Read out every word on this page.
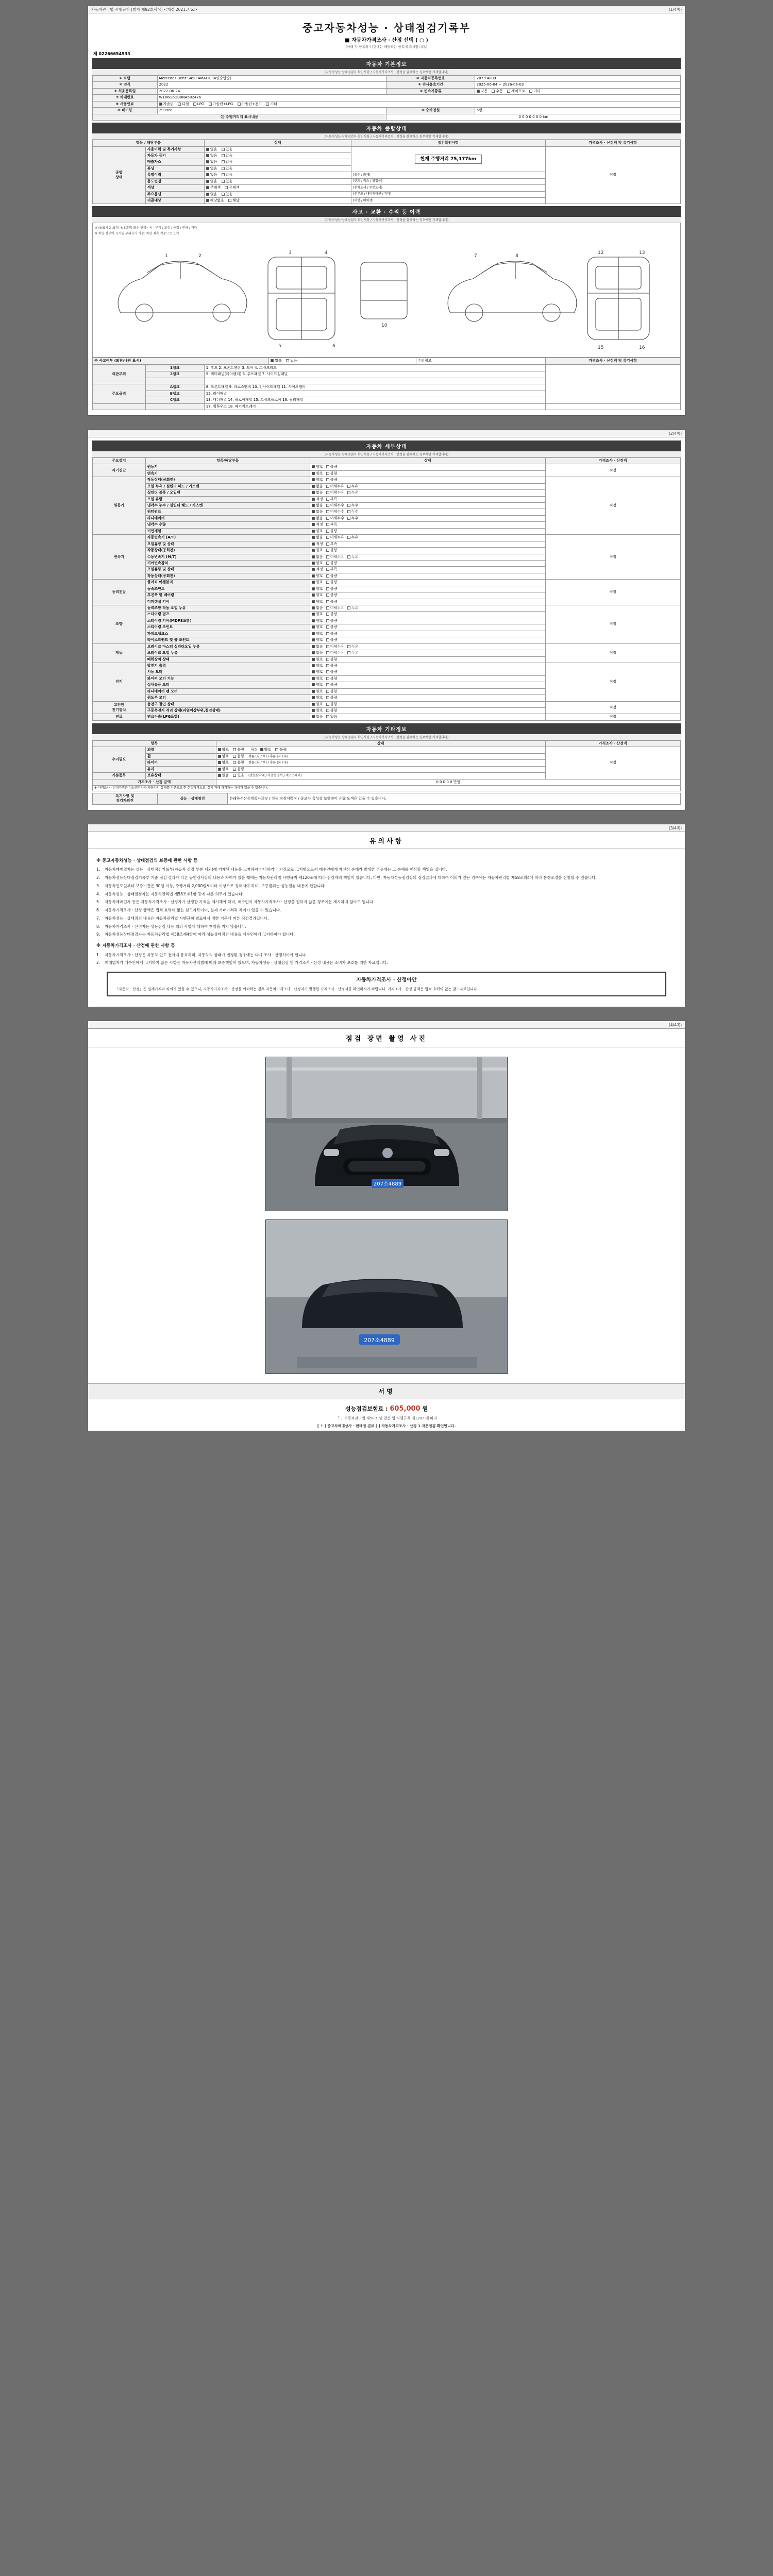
자동차관리법 시행규칙 [별지 제82호서식] <개정 2021.7.6.>	(1/4쪽)
중고자동차성능 · 상태점검기록부
■ 자동차가격조사 · 산정 선택 ( ○ )
(아래 각 항목의 ( )란에는 해당되는 항목에 표시합니다.)
제 02266654933
자동차 기본정보
(자동차성능·상태점검자 확인사항 / 자동차가격조사 · 산정을 함께하는 경우에만 기재합니다)
① 차명	Mercedes-Benz S450 4MATIC (4인승탑승)	② 자동차등록번호	207소4889
③ 연식	2022	④ 검사유효기간	2025-06-04 ~ 2026-06-03
⑤ 최초등록일	2022-06-24	⑥ 변속기종류	자동 수동 세미오토 기타
⑦ 차대번호	W1K6G6DB0NA582476		
⑧ 사용연료	가솔린 디젤 LPG 가솔린+LPG 가솔린+전기 기타		
⑨ 배기량	2999cc	⑩ 승차정원	5명
⑪ 주행거리계 표시내용		0 0 0 0 0 0 0 km	
자동차 종합상태
(자동차성능·상태점검자 확인사항 / 자동차가격조사 · 산정을 함께하는 경우에만 기재합니다)
항목 / 해당부품		상태	점검확인사항	가격조사 · 산정액 및 특기사항
종합
상태	사용이력 및 특기사항	없음 있음	현재 주행거리 75,177km	적정
	자동차 등기	없음 있음		
	배출가스	있음 없음		
	튜닝	없음 있음		
	특별이력	없음 있음	(침수 / 화재)	
	용도변경	없음 있음	(렌트 / 리스 / 영업용)	
	색상	무채색 유채색	(전체도색 / 부분도색)	
	주요옵션	없음 있음	(선루프 / 내비게이션 / 기타)	
	리콜대상	해당없음 해당	(이행 / 미이행)	
사고 · 교환 · 수리 등 이력
(자동차성능·상태점검자 확인사항 / 자동차가격조사 · 산정을 함께하는 경우에만 기재합니다)
※ (※표시 X 표기) ※ (교환) 또는 판금 · 녹 · 부식 / 교정 / 용접 / 판금 / 기타
※ 차량 상태에 표시된 부위표기 기준: 차량 좌측 기준으로 표기
1	2
3	4
5	6
10
7	8
12	13
15	16
※ 사고여부 (외판/내판 표시)	없음 있음	수리필요	가격조사 · 산정액 및 특기사항
외판부위	1랭크	1. 후드 2. 프론트펜더 3. 도어 4. 트렁크리드	
	2랭크	5. 쿼터패널(리어펜더) 6. 루프패널 7. 사이드실패널	

주요골격	A랭크	8. 프론트패널 9. 크로스멤버 10. 인사이드패널 11. 사이드멤버	
	B랭크	12. 리어패널	
	C랭크	13. 대쉬패널 14. 플로어패널 15. 트렁크플로어 16. 필러패널	
		17. 휠하우스 18. 패키지트레이	

(2/4쪽)
자동차 세부상태
(자동차성능·상태점검자 확인사항 / 자동차가격조사 · 산정을 함께하는 경우에만 기재합니다)
주요장치	항목/해당부품	상태	가격조사 · 산정액
자기진단	원동기	양호 불량	적정
	변속기	양호 불량	
원동기	작동상태(공회전)	양호 불량	적정
	오일 누유 / 실린더 헤드 / 가스켓	없음 미세누유 누유	
	실린더 블록 / 오일팬	없음 미세누유 누유	
	오일 유량	적정 부족	
	냉각수 누수 / 실린더 헤드 / 가스켓	없음 미세누수 누수	
	워터펌프	없음 미세누수 누수	
	라디에이터	없음 미세누수 누수	
	냉각수 수량	적정 부족	
	커먼레일	양호 불량	
변속기	자동변속기 (A/T)	없음 미세누유 누유	적정
	오일유량 및 상태	적정 부족	
	작동상태(공회전)	양호 불량	
	수동변속기 (M/T)	없음 미세누유 누유	
	기어변속장치	양호 불량	
	오일유량 및 상태	적정 부족	
	작동상태(공회전)	양호 불량	
동력전달	클러치 어셈블리	양호 불량	적정
	등속조인트	양호 불량	
	추진축 및 베어링	양호 불량	
	디퍼렌셜 기어	양호 불량	
조향	동력조향 작동 오일 누유	없음 미세누유 누유	적정
	스티어링 펌프	양호 불량	
	스티어링 기어(MDPS포함)	양호 불량	
	스티어링 조인트	양호 불량	
	파워크랭크스	양호 불량	
	타이로드엔드 및 볼 조인트	양호 불량	
제동	브레이크 마스터 실린더오일 누유	없음 미세누유 누유	적정
	브레이크 오일 누유	없음 미세누유 누유	
	배력장치 상태	양호 불량	
전기	발전기 출력	양호 불량	적정
	시동 모터	양호 불량	
	와이퍼 모터 기능	양호 불량	
	실내송풍 모터	양호 불량	
	라디에이터 팬 모터	양호 불량	
	윈도우 모터	양호 불량	
고전원
전기장치	충전구 절연 상태	양호 불량	적정
	구동축전지 격리 상태(과열이상부위,절연상태)	양호 불량	
연료	연료누출(LPG포함)	없음 있음	적정
자동차 기타정보
(자동차성능·상태점검자 확인사항 / 자동차가격조사 · 산정을 함께하는 경우에만 기재합니다)
항목		상태	가격조사 · 산정액
수리필요	외장	양호 불량 내장 양호 불량	적정
	휠	양호 불량 전륜 (좌 / 우) / 후륜 (좌 / 우)	
	타이어	양호 불량 전륜 (좌 / 우) / 후륜 (좌 / 우)	
	유리	양호 불량	
기본품목	보유상태	없음 있음 (안전삼각대 / 사용설명서 / 잭 / 스패너)	
가격조사 · 산정 금액		0 0 0 0 0 만원	
※ 가격조사 · 산정가격은 성능점검자가 자동차의 상태를 기준으로 한 산정가격으로, 실제 거래 가격과는 차이가 있을 수 있습니다.			
특기사항 및
점검자의견	성능 · 상태점검	본래하수산증계증자료및 / 성능 점검이력정 / 중고차 특성상 보행면이 유량 도색은 있을 수 있습니다.

(3/4쪽)
유의사항
※ 중고자동차성능 · 상태점검의 보증에 관한 사항 등
1.	자동차매매업자는 성능 · 상태점검기록부(자동차 산정 부분 제외)에 기재된 내용을 고지하지 아니하거나 거짓으로 고지함으로써 매수인에게 재산상 손해가 발생한 경우에는 그 손해를 배상할 책임을 집니다.
2.	자동차성능상태점검기록부 기준 점검 결과가 다른 공인검사장의 내용과 차이가 있을 때에는 자동차관리법 시행규칙 제120조에 따라 점검자의 책임이 있습니다. 다만, 자동차성능점검장의 점검결과에 대하여 이의가 있는 경우에는 자동차관리법 제58조의4에 따라 분쟁조정을 신청할 수 있습니다.
3.	자동차인도일부터 보증기간은 30일 이상, 주행거리 2,000킬로미터 이상으로 정해져야 하며, 보증범위는 성능점검 내용에 한합니다.
4.	자동차성능 · 상태점검자는 자동차관리법 제58조제1항 등에 따른 의무가 있습니다.
5.	자동차매매업자 등은 자동차가격조사 · 산정자가 산정한 가격을 제시해야 하며, 매수인이 자동차가격조사 · 산정을 원하지 않을 경우에는 제시하지 않아도 됩니다.
6.	자동차가격조사 · 산정 금액은 법적 효력이 없는 참고자료이며, 실제 거래가격과 차이가 있을 수 있습니다.
7.	자동차성능 · 상태점검 내용은 자동차관리법 시행규칙 별표에서 정한 기준에 따른 점검결과입니다.
8.	자동차가격조사 · 산정자는 성능점검 내용 외의 사항에 대하여 책임을 지지 않습니다.
9.	자동차성능상태점검자는 자동차관리법 제58조제4항에 따라 성능상태점검 내용을 매수인에게 고지하여야 합니다.
※ 자동차가격조사 · 산정에 관한 사항 등
1.	자동차가격조사 · 산정은 자동차 인도 전까지 유효하며, 자동차의 상태가 변경된 경우에는 다시 조사 · 산정하여야 합니다.
2.	매매업자가 매수인에게 고지하지 않은 사항은 자동차관리법에 따라 보증책임이 있으며, 자동차성능 · 상태점검 및 가격조사 · 산정 내용은 소비자 보호를 위한 자료입니다.
자동차가격조사 · 산정아안
「자동차 · 산정」은 실제가격과 차이가 있을 수 있으니, 자동차가격조사 · 산정을 의뢰하는 경우 자동차가격조사 · 산정자가 발행한 가격조사 · 산정서를 확인하시기 바랍니다. 가격조사 · 산정 금액은 법적 효력이 없는 참고자료입니다.

(4/4쪽)
점검 장면 촬영 사진
207소4889
207소4889
서명
성능점검보험료 : 605,000 원
「 」자동차관리법 제58조 및 같은 법 시행규칙 제120조에 따라
[ ↑ ] 중고차매매상사 · 판매점 겸료 [ ] 자동차가격조사 · 산정 1 자문점검 확인합니다.
